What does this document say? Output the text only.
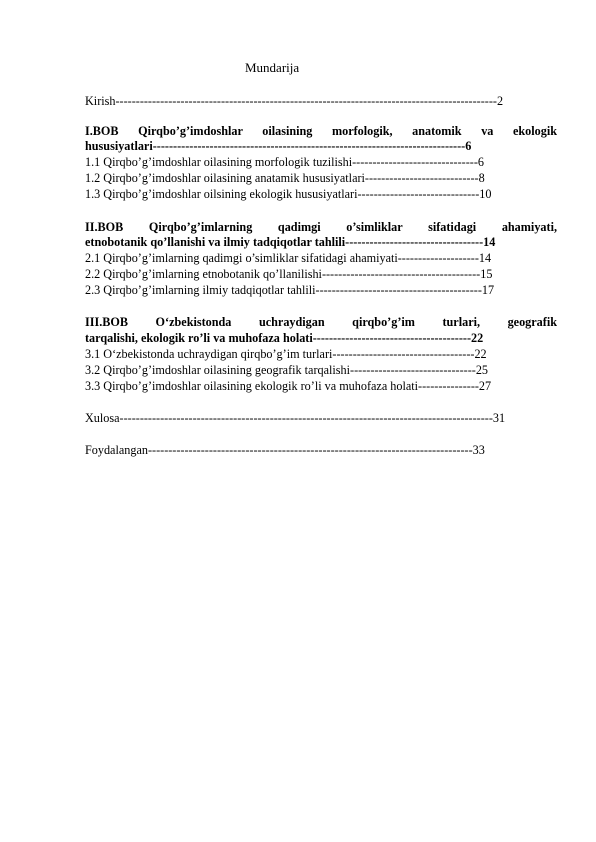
Mundarija
Kirish----------------------------------------------------------------------------------------------2
I.BOB Qirqbo’g’imdoshlar oilasining morfologik, anatomik va ekologik
hususiyatlari-----------------------------------------------------------------------------6
1.1 Qirqbo’g’imdoshlar oilasining morfologik tuzilishi-------------------------------6
1.2 Qirqbo’g’imdoshlar oilasining anatamik hususiyatlari----------------------------8
1.3 Qirqbo’g’imdoshlar oilsining ekologik hususiyatlari------------------------------10
II.BOB Qirqbo’g’imlarning qadimgi o’simliklar sifatidagi ahamiyati,
etnobotanik qo’llanishi va ilmiy tadqiqotlar tahlili----------------------------------14
2.1 Qirqbo’g’imlarning qadimgi o’simliklar sifatidagi ahamiyati--------------------14
2.2 Qirqbo’g’imlarning etnobotanik qo’llanilishi---------------------------------------15
2.3 Qirqbo’g’imlarning ilmiy tadqiqotlar tahlili-----------------------------------------17
III.BOB O‘zbekistonda uchraydigan qirqbo’g’im turlari, geografik
tarqalishi, ekologik ro’li va muhofaza holati---------------------------------------22
3.1 O‘zbekistonda uchraydigan qirqbo’g’im turlari-----------------------------------22
3.2 Qirqbo’g’imdoshlar oilasining geografik tarqalishi-------------------------------25
3.3 Qirqbo’g’imdoshlar oilasining ekologik ro’li va muhofaza holati---------------27
Xulosa--------------------------------------------------------------------------------------------31
Foydalangan--------------------------------------------------------------------------------33
